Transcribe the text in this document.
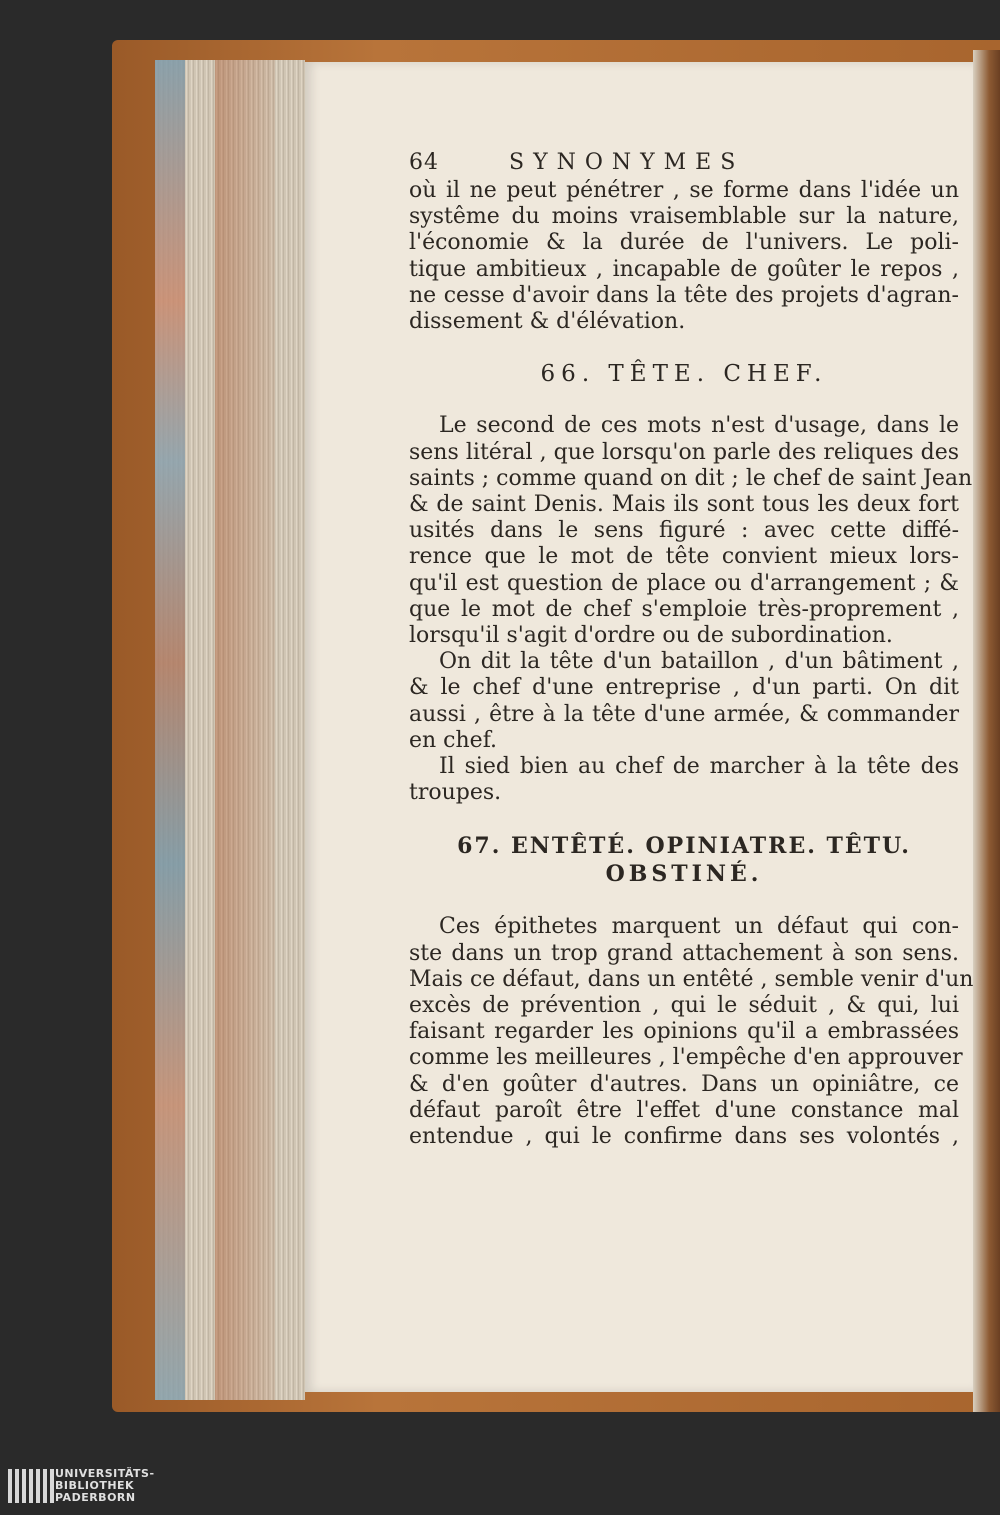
64	SYNONYMES
où il ne peut pénétrer , se forme dans l'idée un
systême du moins vraisemblable sur la nature,
l'économie & la durée de l'univers. Le poli-
tique ambitieux , incapable de goûter le repos ,
ne cesse d'avoir dans la tête des projets d'agran-
dissement & d'élévation.
66. TÊTE. CHEF.
Le second de ces mots n'est d'usage, dans le
sens litéral , que lorsqu'on parle des reliques des
saints ; comme quand on dit ; le chef de saint Jean
& de saint Denis. Mais ils sont tous les deux fort
usités dans le sens figuré : avec cette diffé-
rence que le mot de tête convient mieux lors-
qu'il est question de place ou d'arrangement ; &
que le mot de chef s'emploie très-proprement ,
lorsqu'il s'agit d'ordre ou de subordination.
On dit la tête d'un bataillon , d'un bâtiment ,
& le chef d'une entreprise , d'un parti. On dit
aussi , être à la tête d'une armée, & commander
en chef.
Il sied bien au chef de marcher à la tête des
troupes.
67. ENTÊTÉ. OPINIATRE. TÊTU.
OBSTINÉ.
Ces épithetes marquent un défaut qui con-
ste dans un trop grand attachement à son sens.
Mais ce défaut, dans un entêté , semble venir d'un
excès de prévention , qui le séduit , & qui, lui
faisant regarder les opinions qu'il a embrassées
comme les meilleures , l'empêche d'en approuver
& d'en goûter d'autres. Dans un opiniâtre, ce
défaut paroît être l'effet d'une constance mal
entendue , qui le confirme dans ses volontés ,
UNIVERSITÄTS-
BIBLIOTHEK
PADERBORN
